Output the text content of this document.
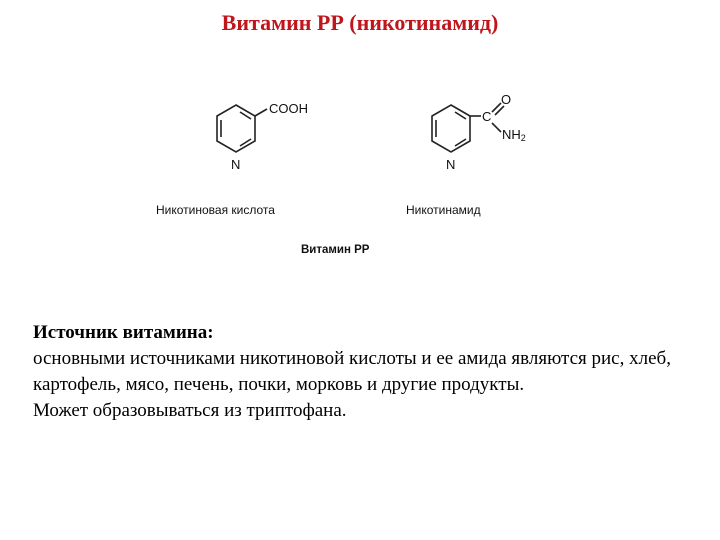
Витамин РР (никотинамид)
COOH
N
C
O
$NH_2$
N
Никотиновая кислота	Никотинамид
Витамин PP

Источник витамина:

основными источниками никотиновой кислоты и ее амида являются рис, хлеб, картофель, мясо, печень, почки, морковь и другие продукты.

Может образовываться из триптофана.
